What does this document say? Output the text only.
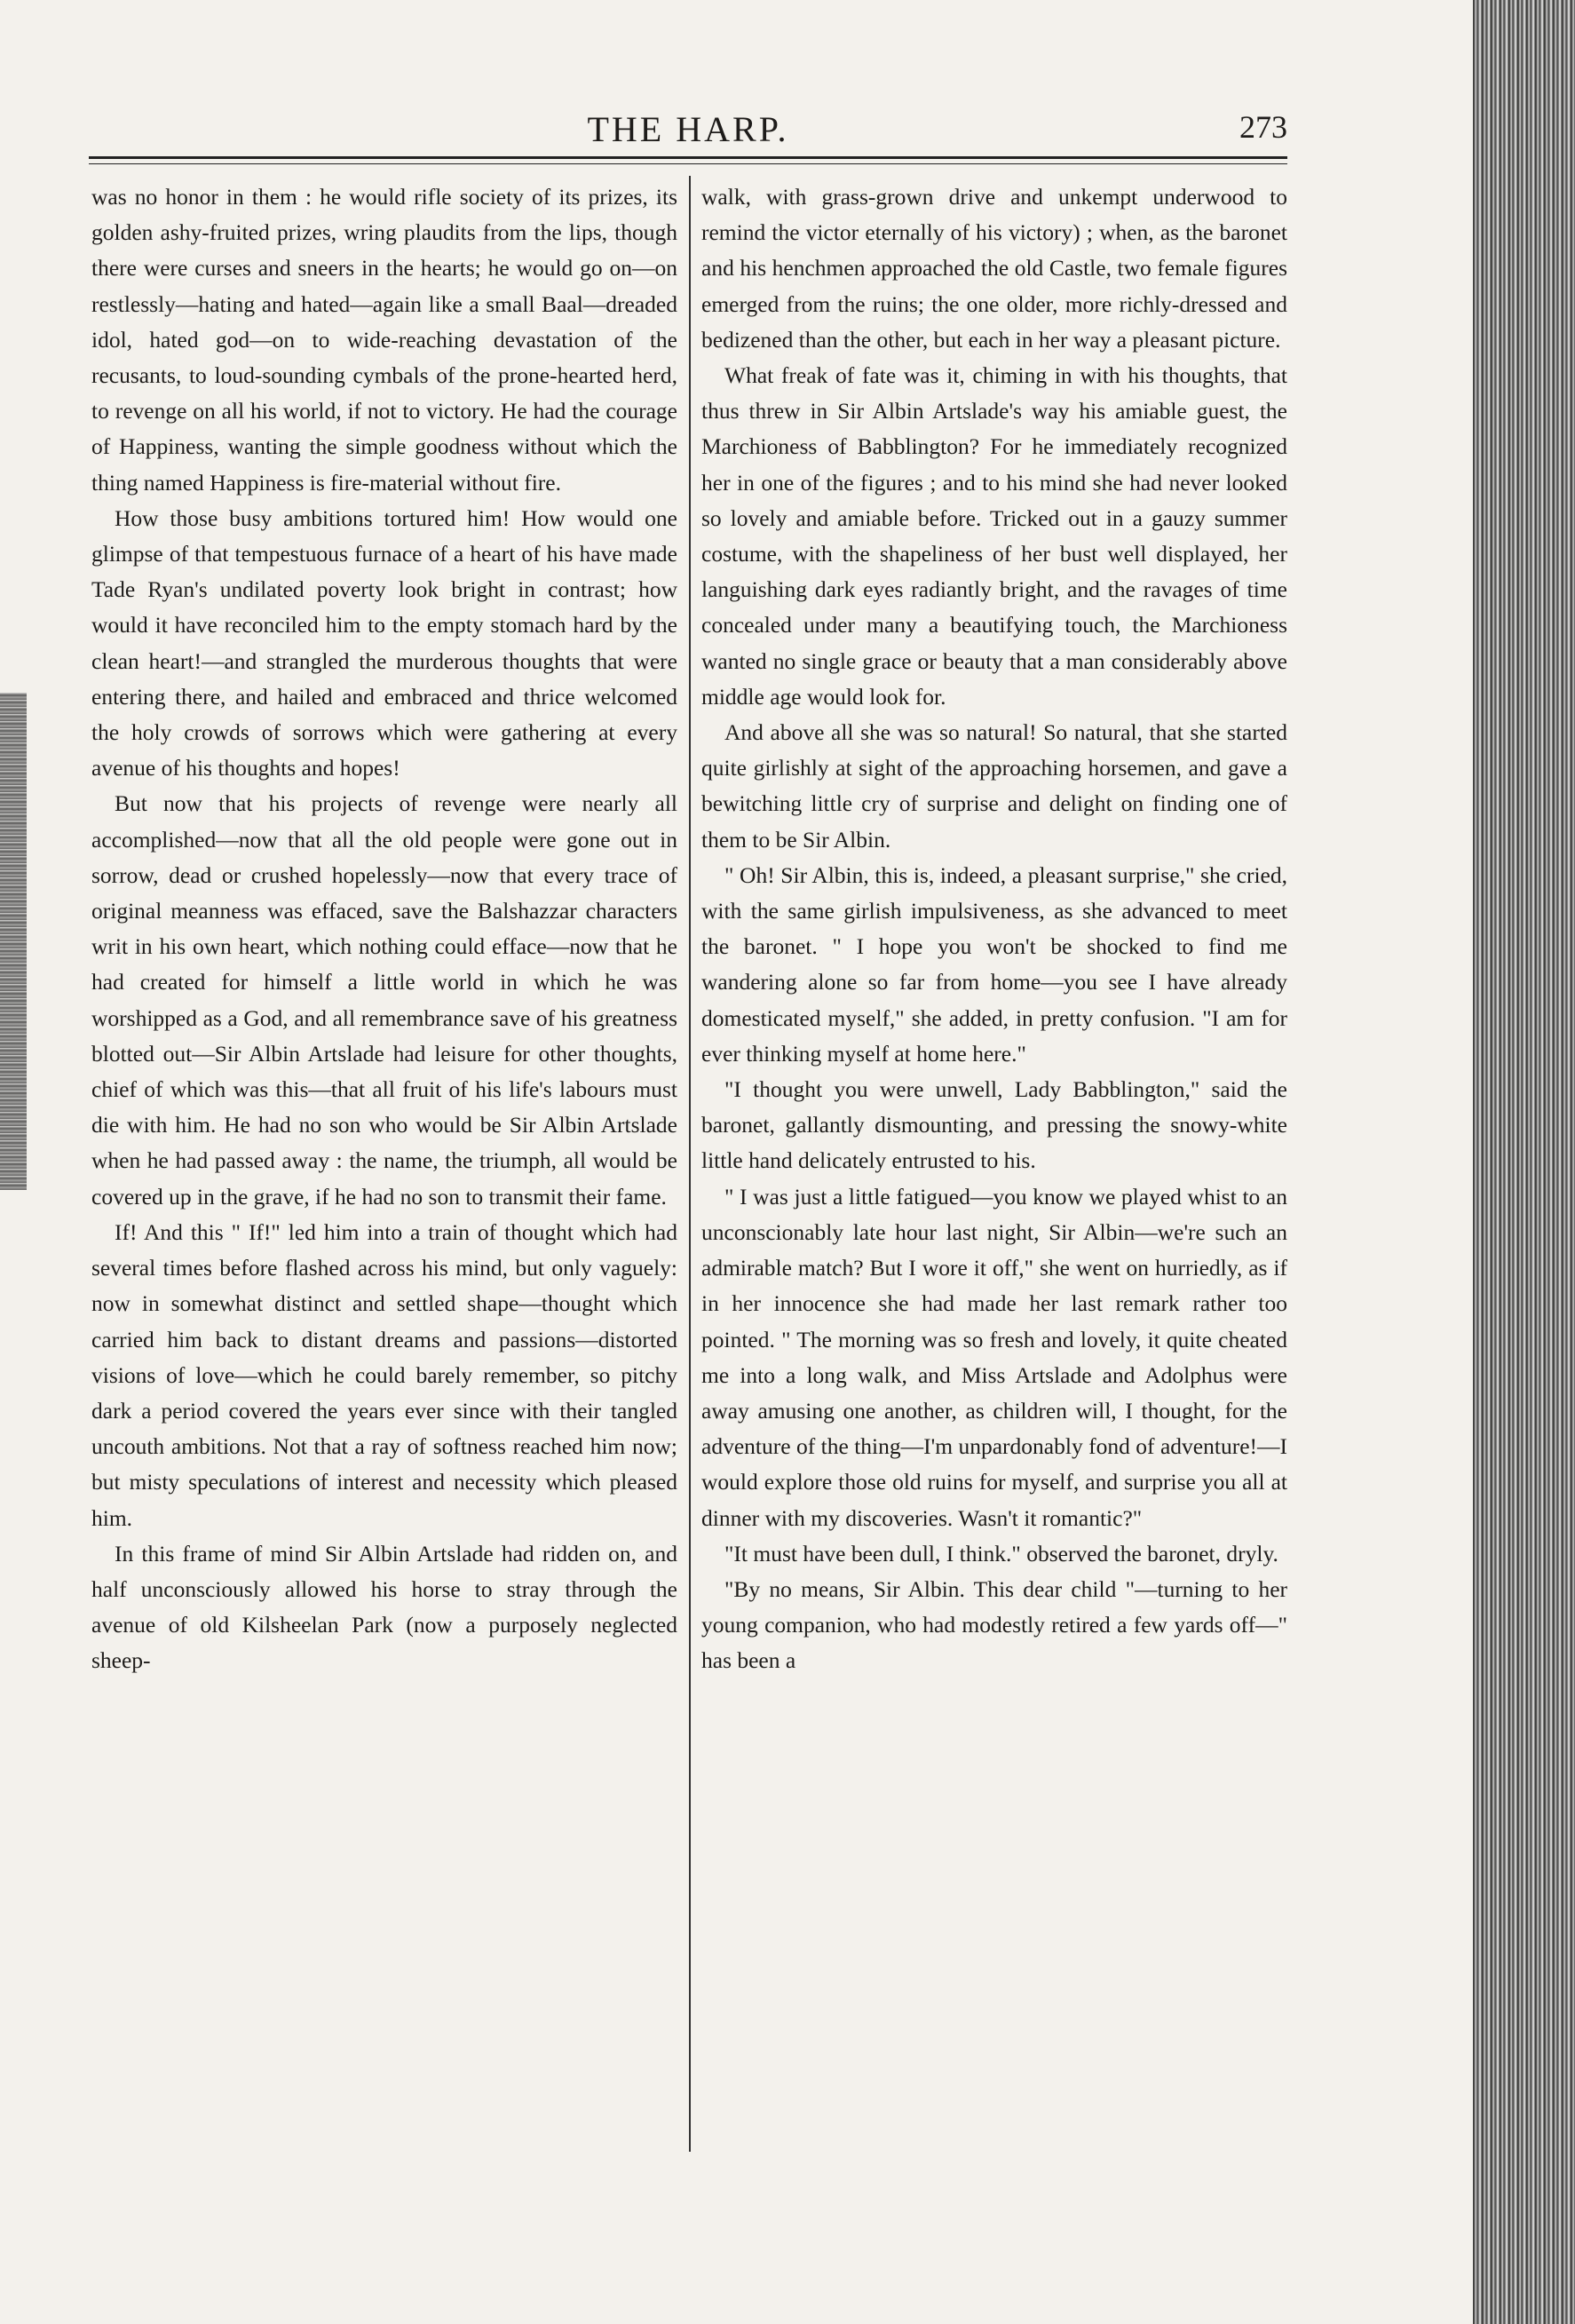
THE HARP.	273

was no honor in them : he would rifle society of its prizes, its golden ashy-fruited prizes, wring plaudits from the lips, though there were curses and sneers in the hearts; he would go on—on restlessly—hating and hated—again like a small Baal—dreaded idol, hated god—on to wide-reaching devastation of the recusants, to loud-sounding cymbals of the prone-hearted herd, to revenge on all his world, if not to victory. He had the courage of Happiness, wanting the simple goodness without which the thing named Happiness is fire-material without fire.

How those busy ambitions tortured him! How would one glimpse of that tempestuous furnace of a heart of his have made Tade Ryan's undilated poverty look bright in contrast; how would it have reconciled him to the empty stomach hard by the clean heart!—and strangled the murderous thoughts that were entering there, and hailed and embraced and thrice welcomed the holy crowds of sorrows which were gathering at every avenue of his thoughts and hopes!

But now that his projects of revenge were nearly all accomplished—now that all the old people were gone out in sorrow, dead or crushed hopelessly—now that every trace of original meanness was effaced, save the Balshazzar characters writ in his own heart, which nothing could efface—now that he had created for himself a little world in which he was worshipped as a God, and all remembrance save of his greatness blotted out—Sir Albin Artslade had leisure for other thoughts, chief of which was this—that all fruit of his life's labours must die with him. He had no son who would be Sir Albin Artslade when he had passed away : the name, the triumph, all would be covered up in the grave, if he had no son to transmit their fame.

If! And this " If!" led him into a train of thought which had several times before flashed across his mind, but only vaguely: now in somewhat distinct and settled shape—thought which carried him back to distant dreams and passions—distorted visions of love—which he could barely remember, so pitchy dark a period covered the years ever since with their tangled uncouth ambitions. Not that a ray of softness reached him now; but misty speculations of interest and necessity which pleased him.

In this frame of mind Sir Albin Artslade had ridden on, and half unconsciously allowed his horse to stray through the avenue of old Kilsheelan Park (now a purposely neglected sheep-

walk, with grass-grown drive and unkempt underwood to remind the victor eternally of his victory) ; when, as the baronet and his henchmen approached the old Castle, two female figures emerged from the ruins; the one older, more richly-dressed and bedizened than the other, but each in her way a pleasant picture.

What freak of fate was it, chiming in with his thoughts, that thus threw in Sir Albin Artslade's way his amiable guest, the Marchioness of Babblington? For he immediately recognized her in one of the figures ; and to his mind she had never looked so lovely and amiable before. Tricked out in a gauzy summer costume, with the shapeliness of her bust well displayed, her languishing dark eyes radiantly bright, and the ravages of time concealed under many a beautifying touch, the Marchioness wanted no single grace or beauty that a man considerably above middle age would look for.

And above all she was so natural! So natural, that she started quite girlishly at sight of the approaching horsemen, and gave a bewitching little cry of surprise and delight on finding one of them to be Sir Albin.

" Oh! Sir Albin, this is, indeed, a pleasant surprise," she cried, with the same girlish impulsiveness, as she advanced to meet the baronet. " I hope you won't be shocked to find me wandering alone so far from home—you see I have already domesticated myself," she added, in pretty confusion. "I am for ever thinking myself at home here."

"I thought you were unwell, Lady Babblington," said the baronet, gallantly dismounting, and pressing the snowy-white little hand delicately entrusted to his.

" I was just a little fatigued—you know we played whist to an unconscionably late hour last night, Sir Albin—we're such an admirable match? But I wore it off," she went on hurriedly, as if in her innocence she had made her last remark rather too pointed. " The morning was so fresh and lovely, it quite cheated me into a long walk, and Miss Artslade and Adolphus were away amusing one another, as children will, I thought, for the adventure of the thing—I'm unpardonably fond of adventure!—I would explore those old ruins for myself, and surprise you all at dinner with my discoveries. Wasn't it romantic?"

"It must have been dull, I think." observed the baronet, dryly.

"By no means, Sir Albin. This dear child "—turning to her young companion, who had modestly retired a few yards off—" has been a
